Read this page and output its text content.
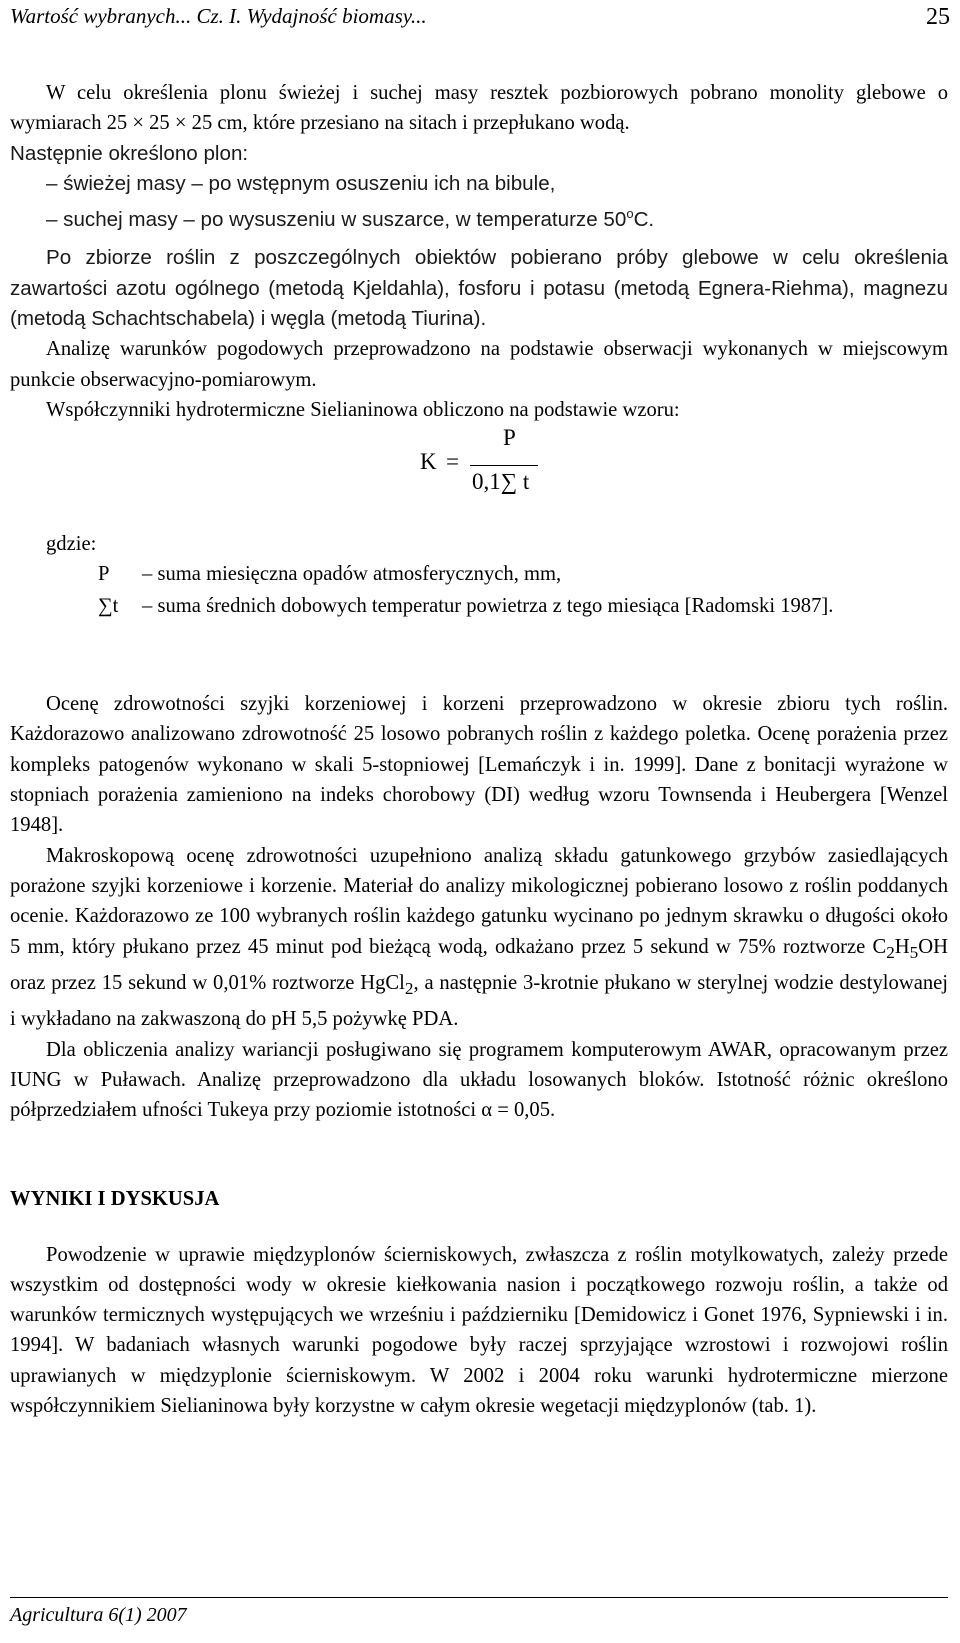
Wartość wybranych... Cz. I. Wydajność biomasy...	25

W celu określenia plonu świeżej i suchej masy resztek pozbiorowych pobrano monolity glebowe o wymiarach 25 × 25 × 25 cm, które przesiano na sitach i przepłukano wodą.

Następnie określono plon:

– świeżej masy – po wstępnym osuszeniu ich na bibule,
– suchej masy – po wysuszeniu w suszarce, w temperaturze 50$^o$C.

Po zbiorze roślin z poszczególnych obiektów pobierano próby glebowe w celu określenia zawartości azotu ogólnego (metodą Kjeldahla), fosforu i potasu (metodą Egnera-Riehma), magnezu (metodą Schachtschabela) i węgla (metodą Tiurina).

Analizę warunków pogodowych przeprowadzono na podstawie obserwacji wykonanych w miejscowym punkcie obserwacyjno-pomiarowym.

Współczynniki hydrotermiczne Sielianinowa obliczono na podstawie wzoru:

K =
P
0,1∑ t
gdzie:
P – suma miesięczna opadów atmosferycznych, mm,
∑t – suma średnich dobowych temperatur powietrza z tego miesiąca [Radomski 1987].

Ocenę zdrowotności szyjki korzeniowej i korzeni przeprowadzono w okresie zbioru tych roślin. Każdorazowo analizowano zdrowotność 25 losowo pobranych roślin z każdego poletka. Ocenę porażenia przez kompleks patogenów wykonano w skali 5-stopniowej [Lemańczyk i in. 1999]. Dane z bonitacji wyrażone w stopniach porażenia zamieniono na indeks chorobowy (DI) według wzoru Townsenda i Heubergera [Wenzel 1948].

Makroskopową ocenę zdrowotności uzupełniono analizą składu gatunkowego grzybów zasiedlających porażone szyjki korzeniowe i korzenie. Materiał do analizy mikologicznej pobierano losowo z roślin poddanych ocenie. Każdorazowo ze 100 wybranych roślin każdego gatunku wycinano po jednym skrawku o długości około 5 mm, który płukano przez 45 minut pod bieżącą wodą, odkażano przez 5 sekund w 75% roztworze $C_2H_5OH$ oraz przez 15 sekund w 0,01% roztworze HgCl$_2$, a następnie 3-krotnie płukano w sterylnej wodzie destylowanej i wykładano na zakwaszoną do pH 5,5 pożywkę PDA.

Dla obliczenia analizy wariancji posługiwano się programem komputerowym AWAR, opracowanym przez IUNG w Puławach. Analizę przeprowadzono dla układu losowanych bloków. Istotność różnic określono półprzedziałem ufności Tukeya przy poziomie istotności α = 0,05.

WYNIKI I DYSKUSJA

Powodzenie w uprawie międzyplonów ścierniskowych, zwłaszcza z roślin motylkowatych, zależy przede wszystkim od dostępności wody w okresie kiełkowania nasion i początkowego rozwoju roślin, a także od warunków termicznych występujących we wrześniu i październiku [Demidowicz i Gonet 1976, Sypniewski i in. 1994]. W badaniach własnych warunki pogodowe były raczej sprzyjające wzrostowi i rozwojowi roślin uprawianych w międzyplonie ścierniskowym. W 2002 i 2004 roku warunki hydrotermiczne mierzone współczynnikiem Sielianinowa były korzystne w całym okresie wegetacji międzyplonów (tab. 1).

Agricultura 6(1) 2007
